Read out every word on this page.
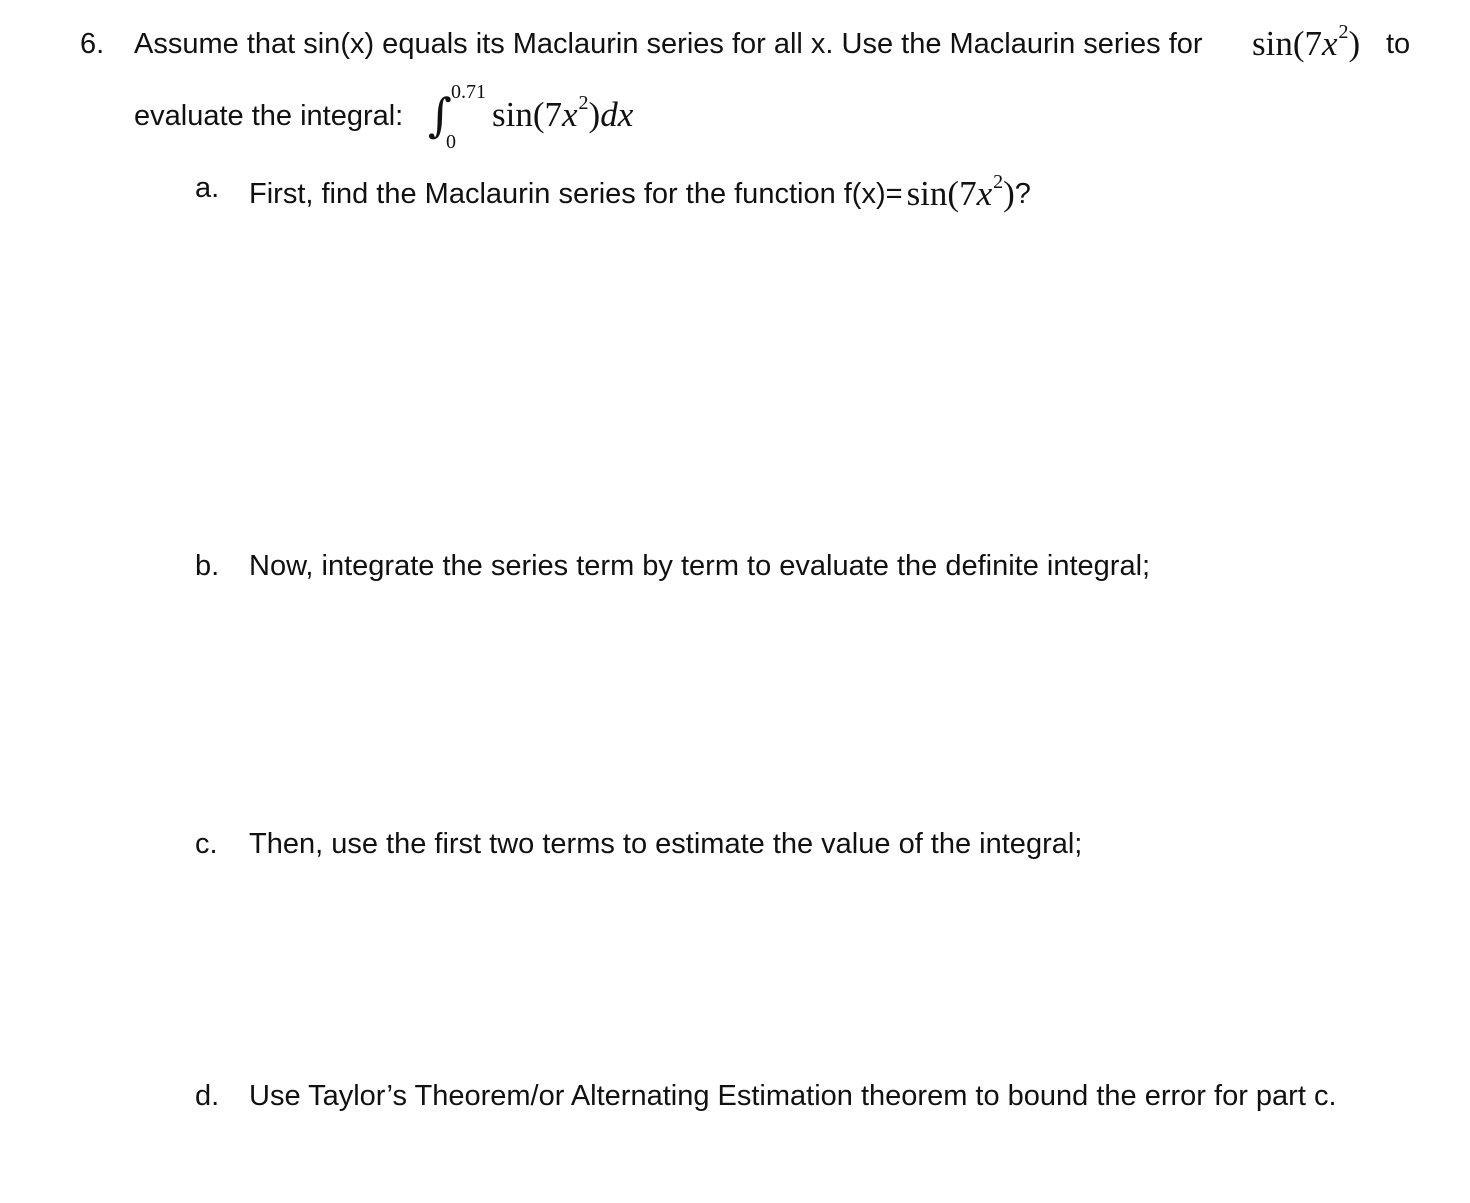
6. Assume that sin(x) equals its Maclaurin series for all x. Use the Maclaurin series for $\sin(7x^2)$ to
evaluate the integral: ∫ 0.71
0
$\sin(7x^2)dx$
a. First, find the Maclaurin series for the function $f(x)= \sin(7x^2)$?
b. Now, integrate the series term by term to evaluate the definite integral;
c. Then, use the first two terms to estimate the value of the integral;
d. Use Taylor’s Theorem/or Alternating Estimation theorem to bound the error for part c.
